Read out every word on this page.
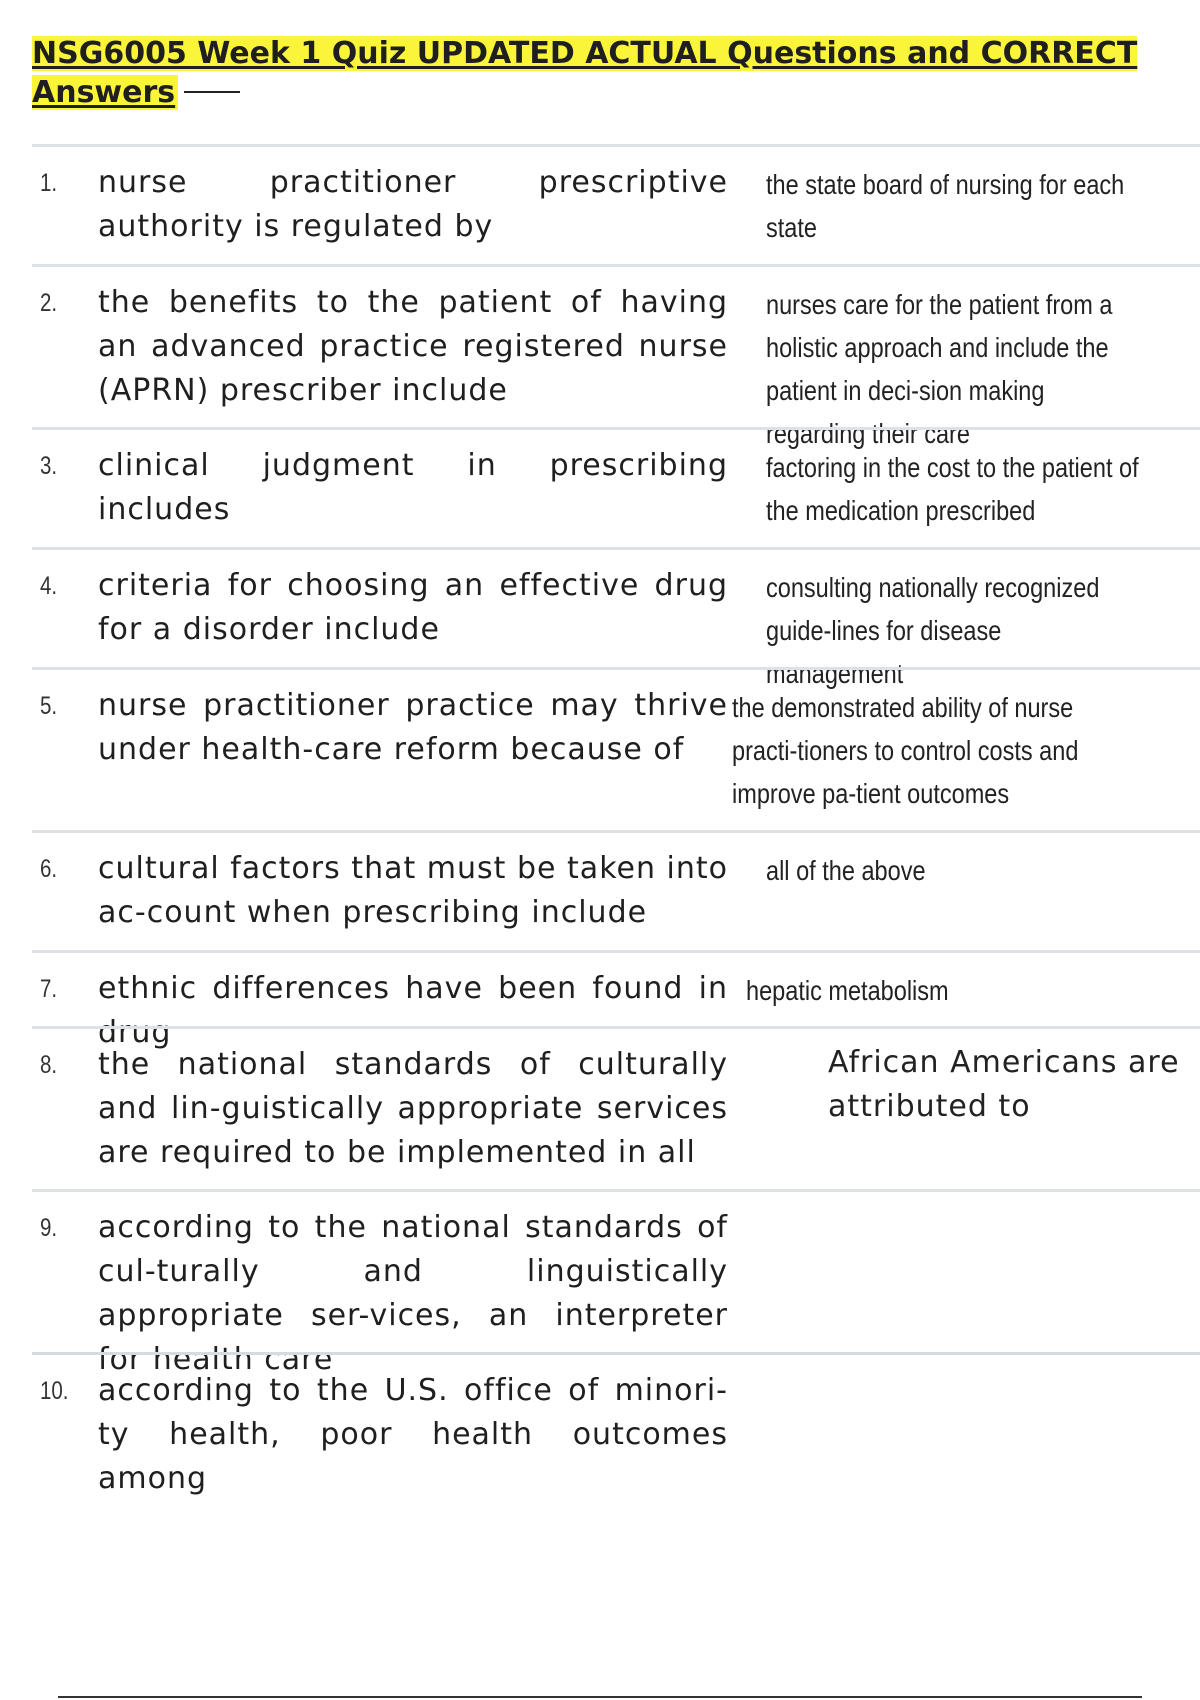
NSG6005 Week 1 Quiz UPDATED ACTUAL Questions and CORRECT Answers

1. nurse practitioner prescriptive authority is regulated by
the state board of nursing for each state
2. the benefits to the patient of having an advanced practice registered nurse (APRN) prescriber include
nurses care for the patient from a holistic approach and include the patient in deci-sion making regarding their care
3. clinical judgment in prescribing includes
factoring in the cost to the patient of the medication prescribed
4. criteria for choosing an effective drug for a disorder include
consulting nationally recognized guide-lines for disease management
5. nurse practitioner practice may thrive under health-care reform because of
the demonstrated ability of nurse practi-tioners to control costs and improve pa-tient outcomes
6. cultural factors that must be taken into ac-count when prescribing include
all of the above
7. ethnic differences have been found in drug
hepatic metabolism
8. the national standards of culturally and lin-guistically appropriate services are required to be implemented in all
African Americans are attributed to
9. according to the national standards of cul-turally and linguistically appropriate ser-vices, an interpreter for health care
10. according to the U.S. office of minori-ty health, poor health outcomes among
